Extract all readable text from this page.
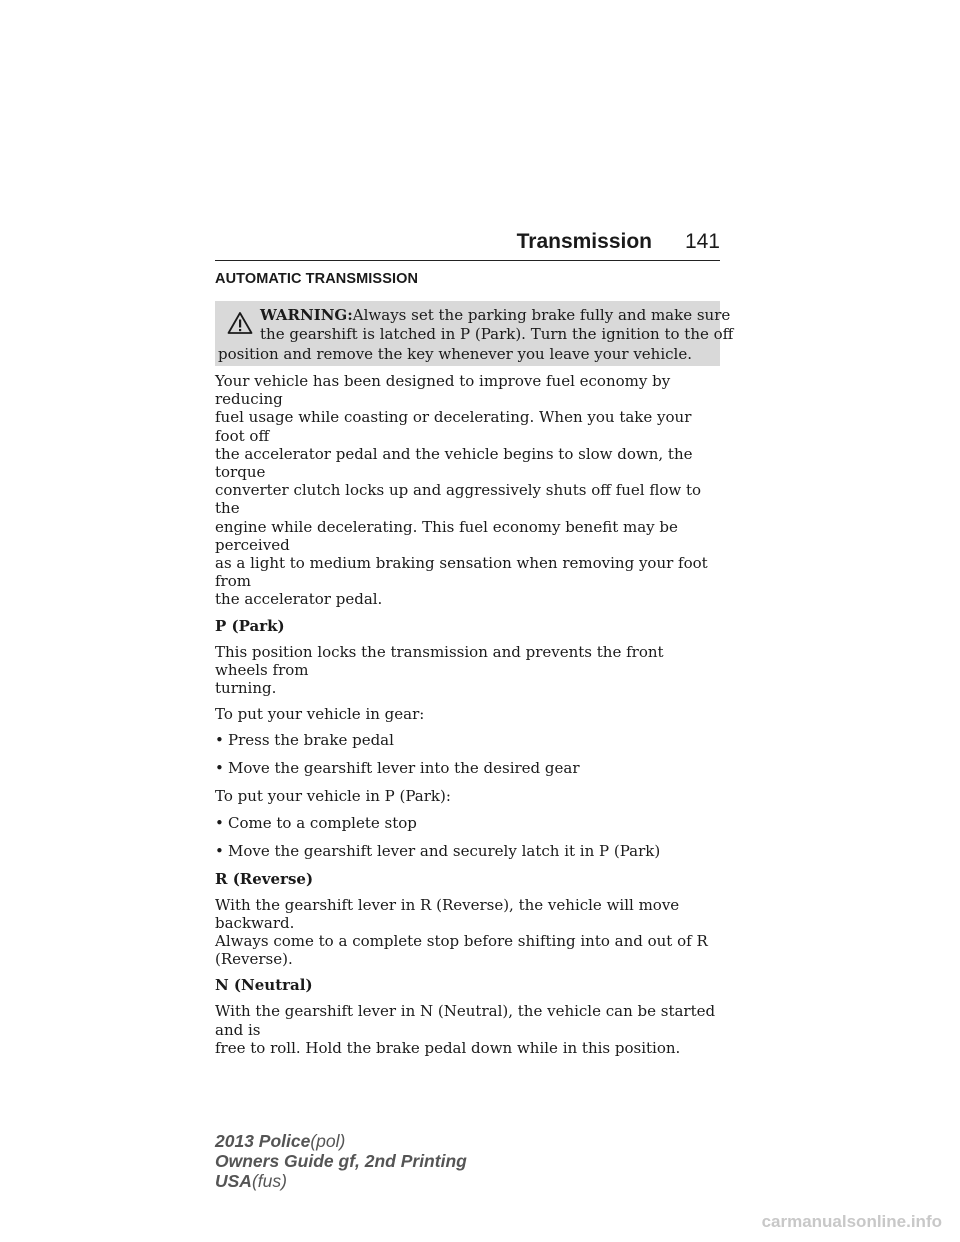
Transmission 141
AUTOMATIC TRANSMISSION
WARNING:Always set the parking brake fully and make sure
the gearshift is latched in P (Park). Turn the ignition to the off
position and remove the key whenever you leave your vehicle.

Your vehicle has been designed to improve fuel economy by reducing
fuel usage while coasting or decelerating. When you take your foot off
the accelerator pedal and the vehicle begins to slow down, the torque
converter clutch locks up and aggressively shuts off fuel flow to the
engine while decelerating. This fuel economy benefit may be perceived
as a light to medium braking sensation when removing your foot from
the accelerator pedal.

P (Park)

This position locks the transmission and prevents the front wheels from
turning.

To put your vehicle in gear:

• Press the brake pedal
• Move the gearshift lever into the desired gear

To put your vehicle in P (Park):

• Come to a complete stop
• Move the gearshift lever and securely latch it in P (Park)

R (Reverse)

With the gearshift lever in R (Reverse), the vehicle will move backward.
Always come to a complete stop before shifting into and out of R
(Reverse).

N (Neutral)

With the gearshift lever in N (Neutral), the vehicle can be started and is
free to roll. Hold the brake pedal down while in this position.

2013 Police(pol)
Owners Guide gf, 2nd Printing
USA(fus)
carmanualsonline.info
